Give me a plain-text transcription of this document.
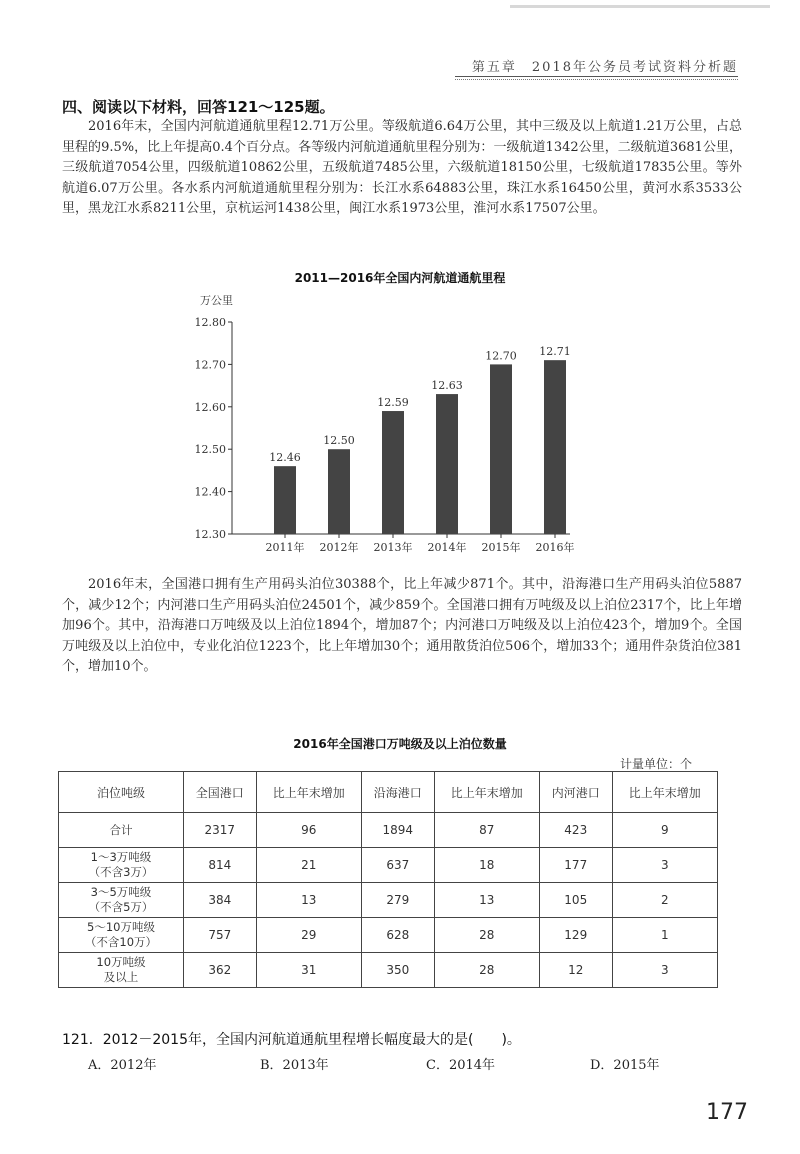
第五章　2018年公务员考试资料分析题
四、阅读以下材料，回答121～125题。

2016年末，全国内河航道通航里程12.71万公里。等级航道6.64万公里，其中三级及以上航道1.21万公里，占总里程的9.5%，比上年提高0.4个百分点。各等级内河航道通航里程分别为：一级航道1342公里，二级航道3681公里，三级航道7054公里，四级航道10862公里，五级航道7485公里，六级航道18150公里，七级航道17835公里。等外航道6.07万公里。各水系内河航道通航里程分别为：长江水系64883公里，珠江水系16450公里，黄河水系3533公里，黑龙江水系8211公里，京杭运河1438公里，闽江水系1973公里，淮河水系17507公里。

2011—2016年全国内河航道通航里程
万公里
12.30
12.40
12.50
12.60
12.70
12.80
12.46
2011年
12.50
2012年
12.59
2013年
12.63
2014年
12.70
2015年
12.71
2016年

2016年末，全国港口拥有生产用码头泊位30388个，比上年减少871个。其中，沿海港口生产用码头泊位5887个，减少12个；内河港口生产用码头泊位24501个，减少859个。全国港口拥有万吨级及以上泊位2317个，比上年增加96个。其中，沿海港口万吨级及以上泊位1894个，增加87个；内河港口万吨级及以上泊位423个，增加9个。全国万吨级及以上泊位中，专业化泊位1223个，比上年增加30个；通用散货泊位506个，增加33个；通用件杂货泊位381个，增加10个。

2016年全国港口万吨级及以上泊位数量
计量单位：个
泊位吨级	全国港口	比上年末增加	沿海港口	比上年末增加	内河港口	比上年末增加
合计	2317	96	1894	87	423	9
1～3万吨级
（不含3万）	814	21	637	18	177	3
3～5万吨级
（不含5万）	384	13	279	13	105	2
5～10万吨级
（不含10万）	757	29	628	28	129	1
10万吨级
及以上	362	31	350	28	12	3
121．2012－2015年，全国内河航道通航里程增长幅度最大的是(　　)。
A．2012年	B．2013年	C．2014年	D．2015年
177
